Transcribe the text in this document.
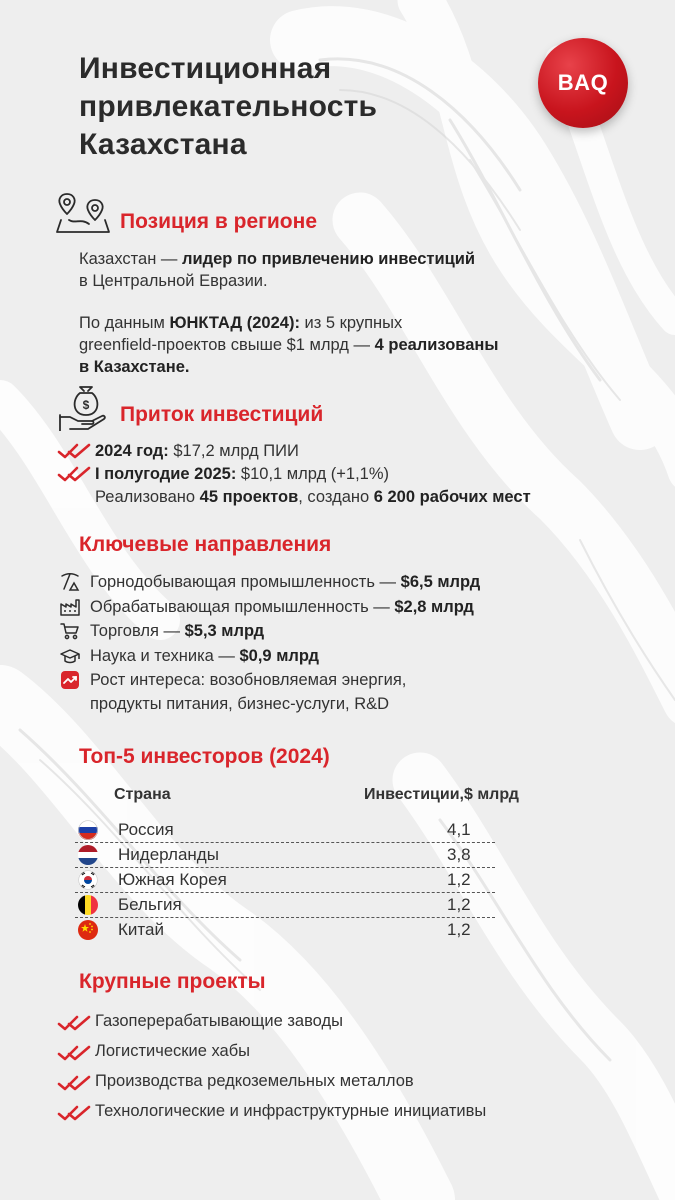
Инвестиционная
привлекательность
Казахстана
BAQ
Позиция в регионе
Казахстан — лидер по привлечению инвестиций
в Центральной Евразии.
По данным ЮНКТАД (2024): из 5 крупных
greenfield-проектов свыше $1 млрд — 4 реализованы
в Казахстане.
$ Приток инвестиций
2024 год: $17,2 млрд ПИИ
I полугодие 2025: $10,1 млрд (+1,1%)
Реализовано 45 проектов, создано 6 200 рабочих мест
Ключевые направления
Горнодобывающая промышленность — $6,5 млрд
Обрабатывающая промышленность — $2,8 млрд
Торговля — $5,3 млрд
Наука и техника — $0,9 млрд
Рост интереса: возобновляемая энергия,
продукты питания, бизнес-услуги, R&D
Топ-5 инвесторов (2024)
Страна	Инвестиции,$ млрд
Россия	4,1
Нидерланды	3,8
Южная Корея	1,2
Бельгия	1,2
Китай	1,2
Крупные проекты
Газоперерабатывающие заводы
Логистические хабы
Производства редкоземельных металлов
Технологические и инфраструктурные инициативы
